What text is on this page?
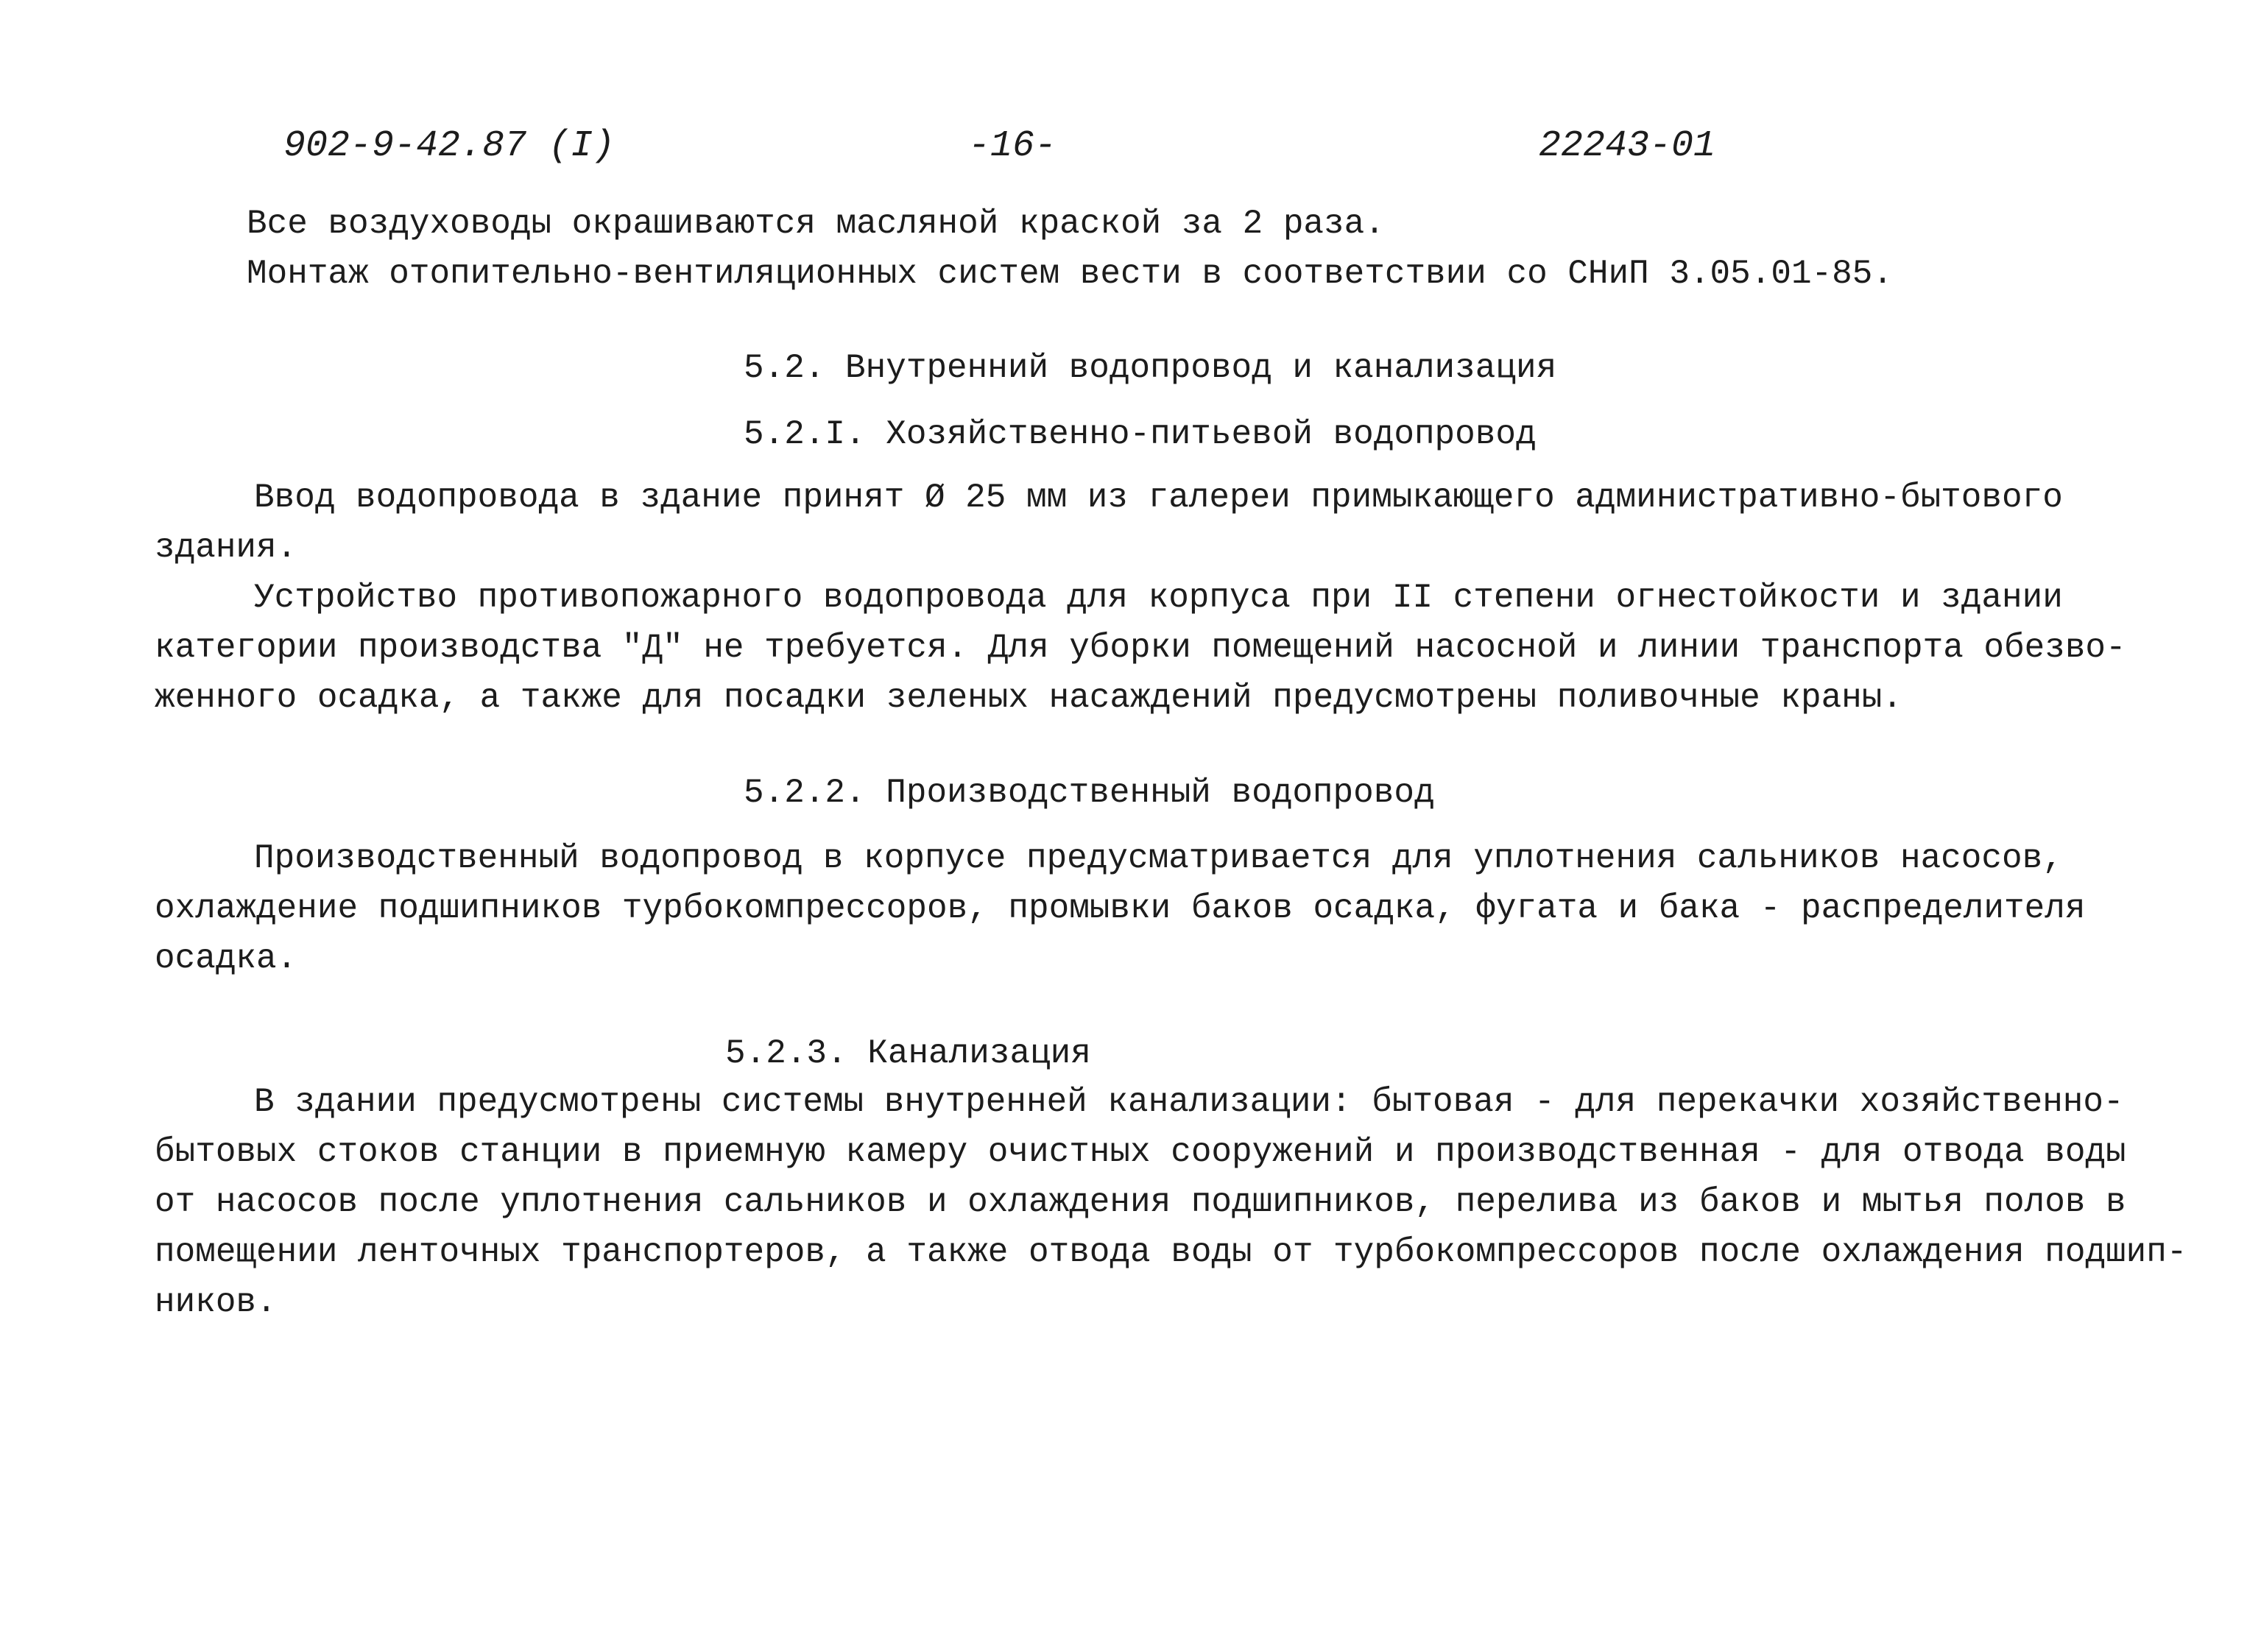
902-9-42.87 (I)	-16-	22243-01
Все воздуховоды окрашиваются масляной краской за 2 раза.
Монтаж отопительно-вентиляционных систем вести в соответствии со СНиП 3.05.01-85.
5.2. Внутренний водопровод и канализация
5.2.I. Хозяйственно-питьевой водопровод
Ввод водопровода в здание принят Ø 25 мм из галереи примыкающего административно-бытового
здания.
Устройство противопожарного водопровода для корпуса при II степени огнестойкости и здании
категории производства "Д" не требуется. Для уборки помещений насосной и линии транспорта обезво-
женного осадка, а также для посадки зеленых насаждений предусмотрены поливочные краны.
5.2.2. Производственный водопровод
Производственный водопровод в корпусе предусматривается для уплотнения сальников насосов,
охлаждение подшипников турбокомпрессоров, промывки баков осадка, фугата и бака - распределителя
осадка.
5.2.3. Канализация
В здании предусмотрены системы внутренней канализации: бытовая - для перекачки хозяйственно-
бытовых стоков станции в приемную камеру очистных сооружений и производственная - для отвода воды
от насосов после уплотнения сальников и охлаждения подшипников, перелива из баков и мытья полов в
помещении ленточных транспортеров, а также отвода воды от турбокомпрессоров после охлаждения подшип-
ников.
